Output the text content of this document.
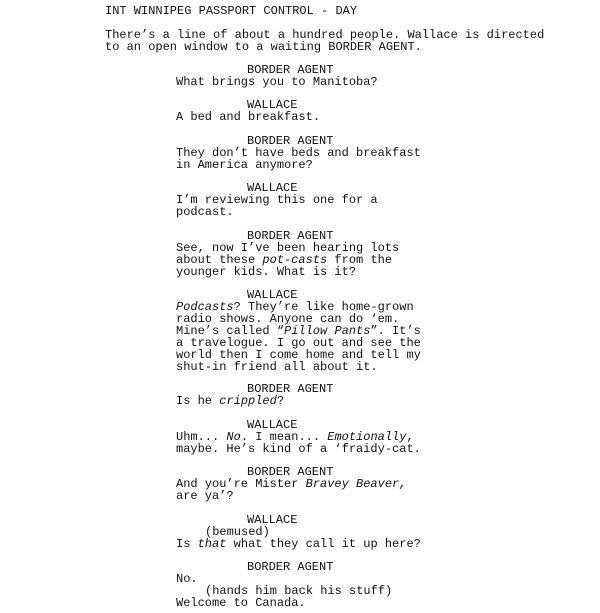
INT WINNIPEG PASSPORT CONTROL - DAY
There’s a line of about a hundred people. Wallace is directed
to an open window to a waiting BORDER AGENT.
BORDER AGENT
What brings you to Manitoba?
WALLACE
A bed and breakfast.
BORDER AGENT
They don’t have beds and breakfast
in America anymore?
WALLACE
I’m reviewing this one for a
podcast.
BORDER AGENT
See, now I’ve been hearing lots
about these pot-casts from the
younger kids. What is it?
WALLACE
Podcasts? They’re like home-grown
radio shows. Anyone can do ‘em.
Mine’s called “Pillow Pants”. It’s
a travelogue. I go out and see the
world then I come home and tell my
shut-in friend all about it.
BORDER AGENT
Is he crippled?
WALLACE
Uhm... No. I mean... Emotionally,
maybe. He’s kind of a ‘fraidy-cat.
BORDER AGENT
And you’re Mister Bravey Beaver,
are ya’?
WALLACE
(bemused)
Is that what they call it up here?
BORDER AGENT
No.
(hands him back his stuff)
Welcome to Canada.
